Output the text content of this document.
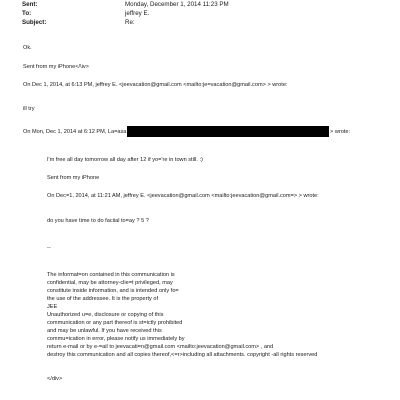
Sent:	Monday, December 1, 2014 11:23 PM
To:	jeffrey E.
Subject:	Re:
Ok.
Sent from my iPhone</\iv>
On Dec 1, 2014, at 6:13 PM, jeffrey E. <jeevacation@gmail.com <mailto:je=vacation@gmail.com> > wrote:
ill try
On Mon, Dec 1, 2014 at 6:12 PM, La=asa	> wrote:
I'm free all day tomorrow all day after 12 if yo='re in town still. :)
Sent from my iPhone
On Dec=1, 2014, at 11:21 AM, jeffrey E. <jeevacation@gmail.com <mailto:jeevacation@gmail.com=> > wrote:
do you have time to do faciial to=ay ? 5 ?
--
The informat=on contained in this communication is
confidential, may be attorney-clie=t privileged, may
constitute inside information, and is intended only fo=
the use of the addressee. It is the property of
JEE
Unauthorized u=e, disclosure or copying of this
communication or any part thereof is st=ictly prohibited
and may be unlawful. If you have received this
commu=ication in error, please notify us immediately by
return e-mail or by e-=ail to jeevacati=n@gmail.com <mailto:jeevacation@gmail.com> , and
destroy this communication and all copies thereof,<=r>including all attachments. copyright -all rights reserved
</div>
